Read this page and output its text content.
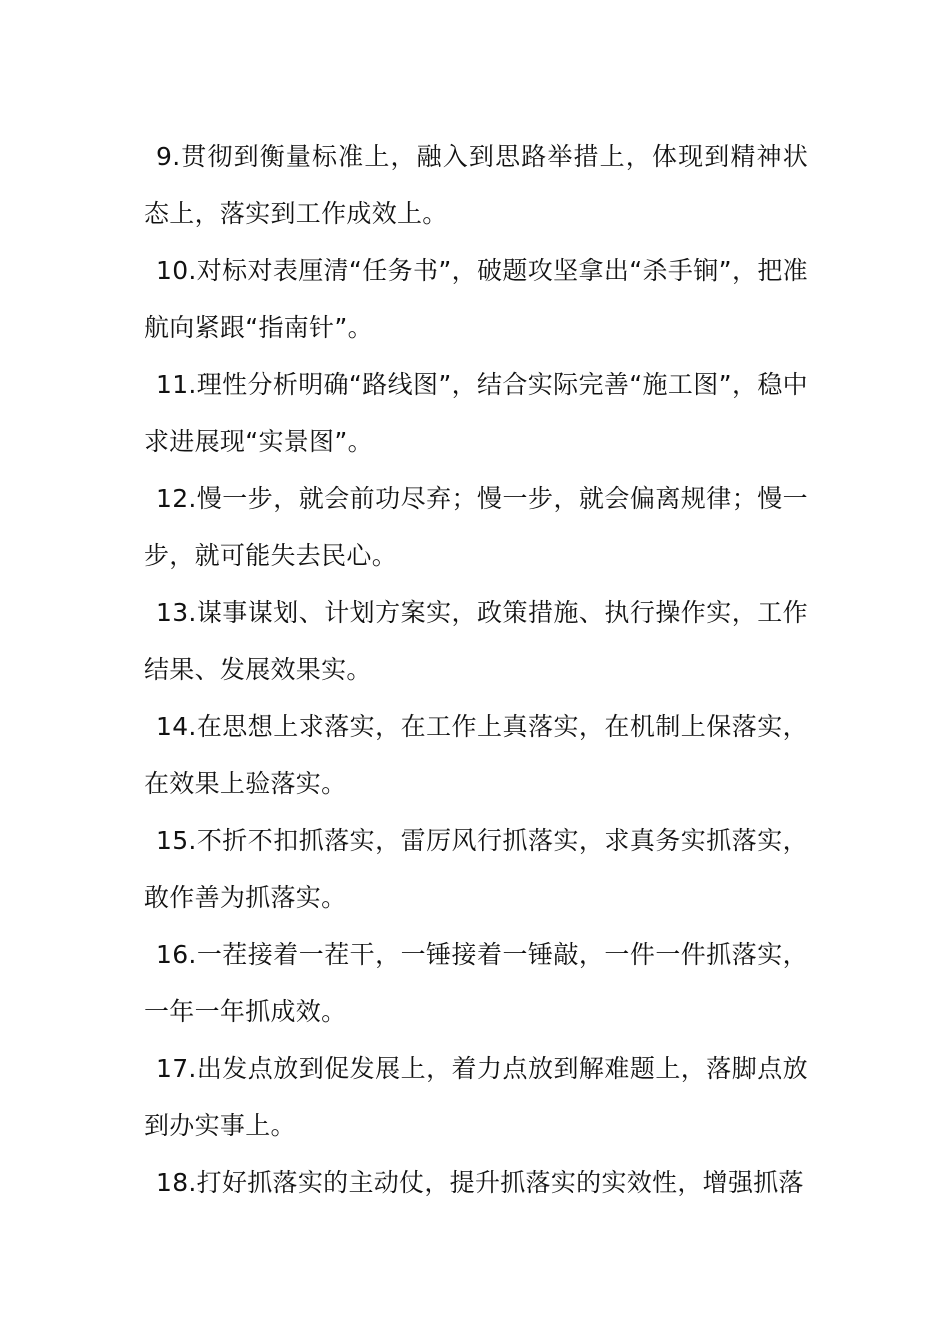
9.贯彻到衡量标准上，融入到思路举措上，体现到精神状态上，落实到工作成效上。

10.对标对表厘清“任务书”，破题攻坚拿出“杀手锏”，把准航向紧跟“指南针”。

11.理性分析明确“路线图”，结合实际完善“施工图”，稳中求进展现“实景图”。

12.慢一步，就会前功尽弃；慢一步，就会偏离规律；慢一步，就可能失去民心。

13.谋事谋划、计划方案实，政策措施、执行操作实，工作结果、发展效果实。

14.在思想上求落实，在工作上真落实，在机制上保落实，在效果上验落实。

15.不折不扣抓落实，雷厉风行抓落实，求真务实抓落实，敢作善为抓落实。

16.一茬接着一茬干，一锤接着一锤敲，一件一件抓落实，一年一年抓成效。

17.出发点放到促发展上，着力点放到解难题上，落脚点放到办实事上。

18.打好抓落实的主动仗，提升抓落实的实效性，增强抓落
